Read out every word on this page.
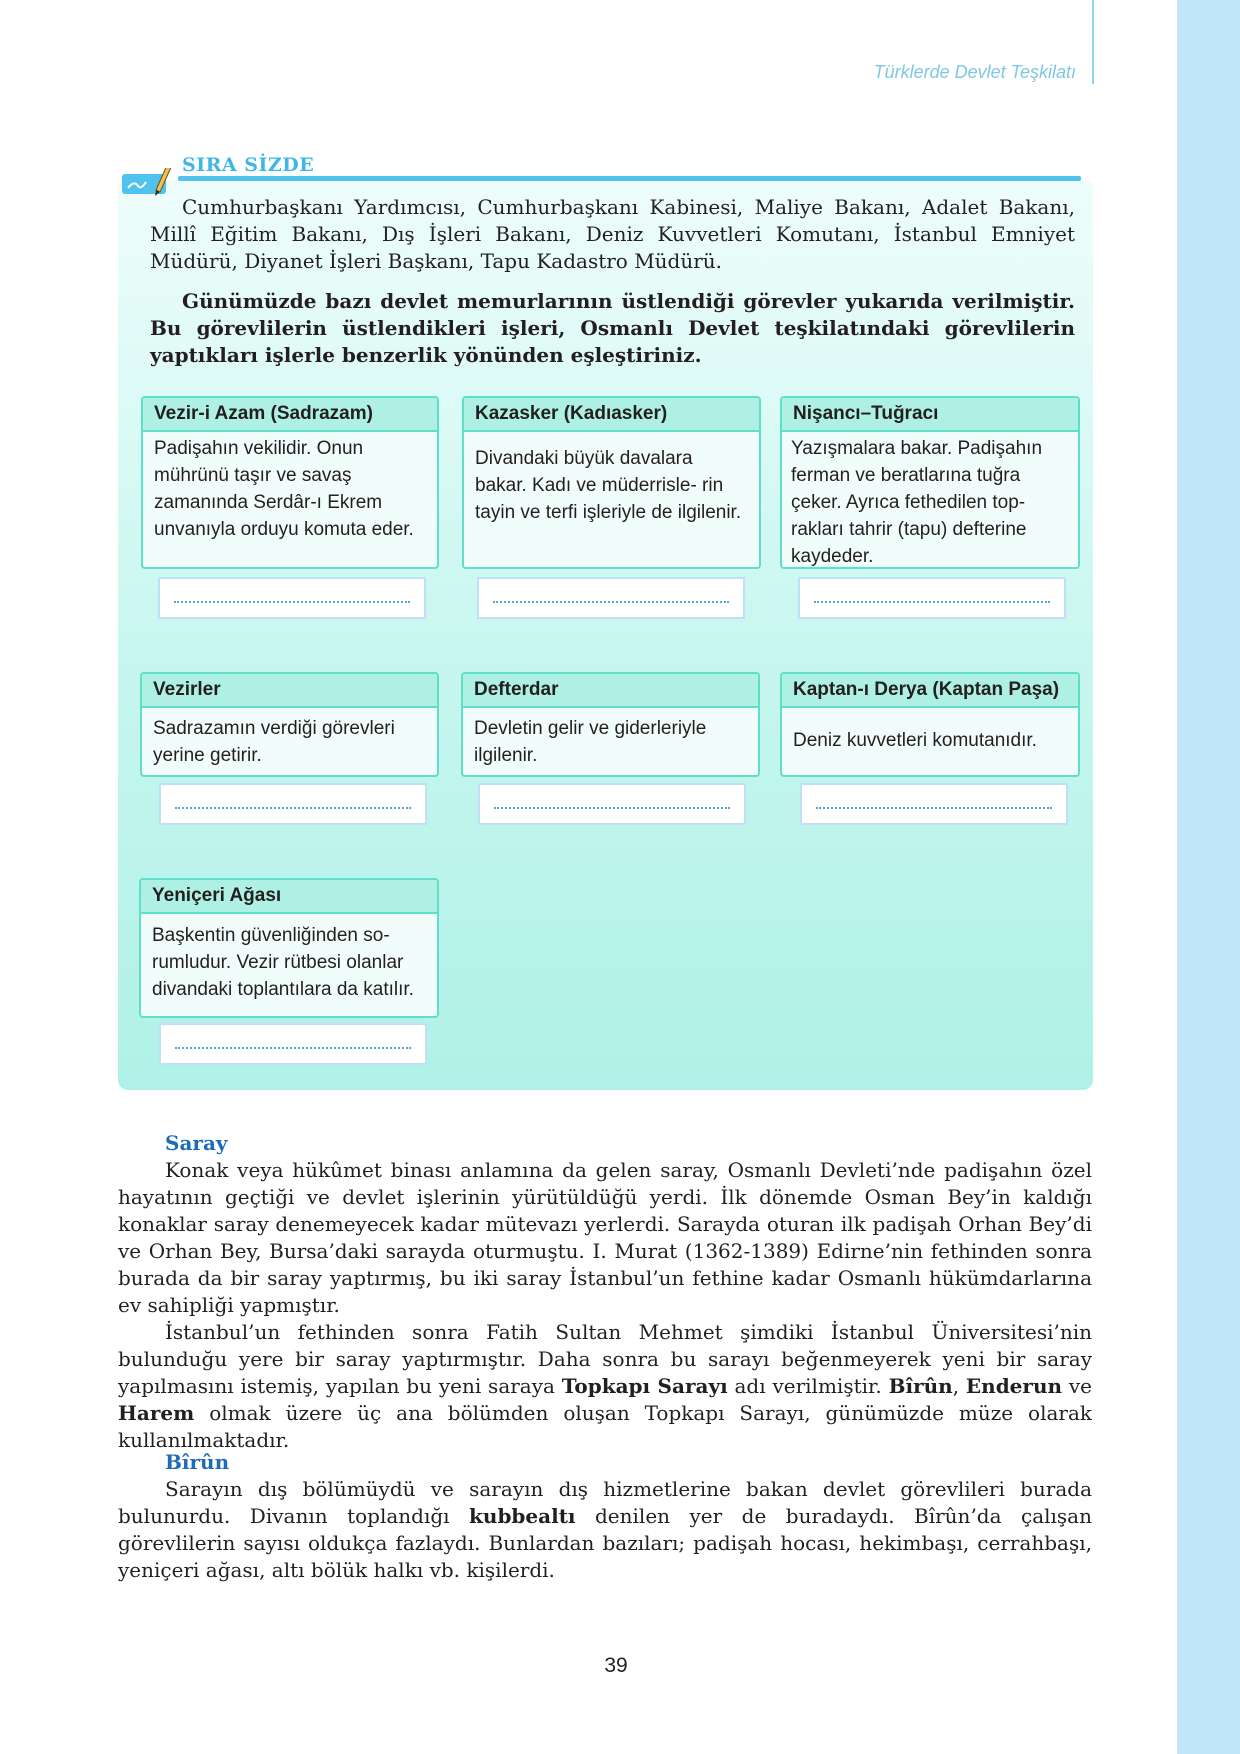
Türklerde Devlet Teşkilatı
SIRA SİZDE

Cumhurbaşkanı Yardımcısı, Cumhurbaşkanı Kabinesi, Maliye Bakanı, Adalet Bakanı, Millî Eğitim Bakanı, Dış İşleri Bakanı, Deniz Kuvvetleri Komutanı, İstanbul Emniyet Müdürü, Diyanet İşleri Başkanı, Tapu Kadastro Müdürü.

Günümüzde bazı devlet memurlarının üstlendiği görevler yukarıda verilmiştir. Bu görevlilerin üstlendikleri işleri, Osmanlı Devlet teşkilatındaki görevlilerin yaptıkları işlerle benzerlik yönünden eşleştiriniz.

Vezir-i Azam (Sadrazam)
Padişahın vekilidir. Onun mührünü taşır ve savaş zamanında Serdâr-ı Ekrem unvanıyla orduyu komuta eder.
Kazasker (Kadıasker)
Divandaki büyük davalara bakar. Kadı ve müderrisle- rin tayin ve terfi işleriyle de ilgilenir.
Nişancı–Tuğracı
Yazışmalara bakar. Padişahın ferman ve beratlarına tuğra çeker. Ayrıca fethedilen top- rakları tahrir (tapu) defterine kaydeder.
Vezirler
Sadrazamın verdiği görevleri yerine getirir.
Defterdar
Devletin gelir ve giderleriyle ilgilenir.
Kaptan-ı Derya (Kaptan Paşa)
Deniz kuvvetleri komutanıdır.
Yeniçeri Ağası
Başkentin güvenliğinden so- rumludur. Vezir rütbesi olanlar divandaki toplantılara da katılır.
Saray

Konak veya hükûmet binası anlamına da gelen saray, Osmanlı Devleti’nde padişahın özel hayatının geçtiği ve devlet işlerinin yürütüldüğü yerdi. İlk dönemde Osman Bey’in kaldığı konaklar saray denemeyecek kadar mütevazı yerlerdi. Sarayda oturan ilk padişah Orhan Bey’di ve Orhan Bey, Bursa’daki sarayda oturmuştu. I. Murat (1362-1389) Edirne’nin fethinden sonra burada da bir saray yaptırmış, bu iki saray İstanbul’un fethine kadar Osmanlı hükümdarlarına ev sahipliği yapmıştır.

İstanbul’un fethinden sonra Fatih Sultan Mehmet şimdiki İstanbul Üniversitesi’nin bulunduğu yere bir saray yaptırmıştır. Daha sonra bu sarayı beğenmeyerek yeni bir saray yapılmasını istemiş, yapılan bu yeni saraya Topkapı Sarayı adı verilmiştir. Bîrûn, Enderun ve Harem olmak üzere üç ana bölümden oluşan Topkapı Sarayı, günümüzde müze olarak kullanılmaktadır.

Bîrûn

Sarayın dış bölümüydü ve sarayın dış hizmetlerine bakan devlet görevlileri burada bulunurdu. Divanın toplandığı kubbealtı denilen yer de buradaydı. Bîrûn’da çalışan görevlilerin sayısı oldukça fazlaydı. Bunlardan bazıları; padişah hocası, hekimbaşı, cerrahbaşı, yeniçeri ağası, altı bölük halkı vb. kişilerdi.

39
